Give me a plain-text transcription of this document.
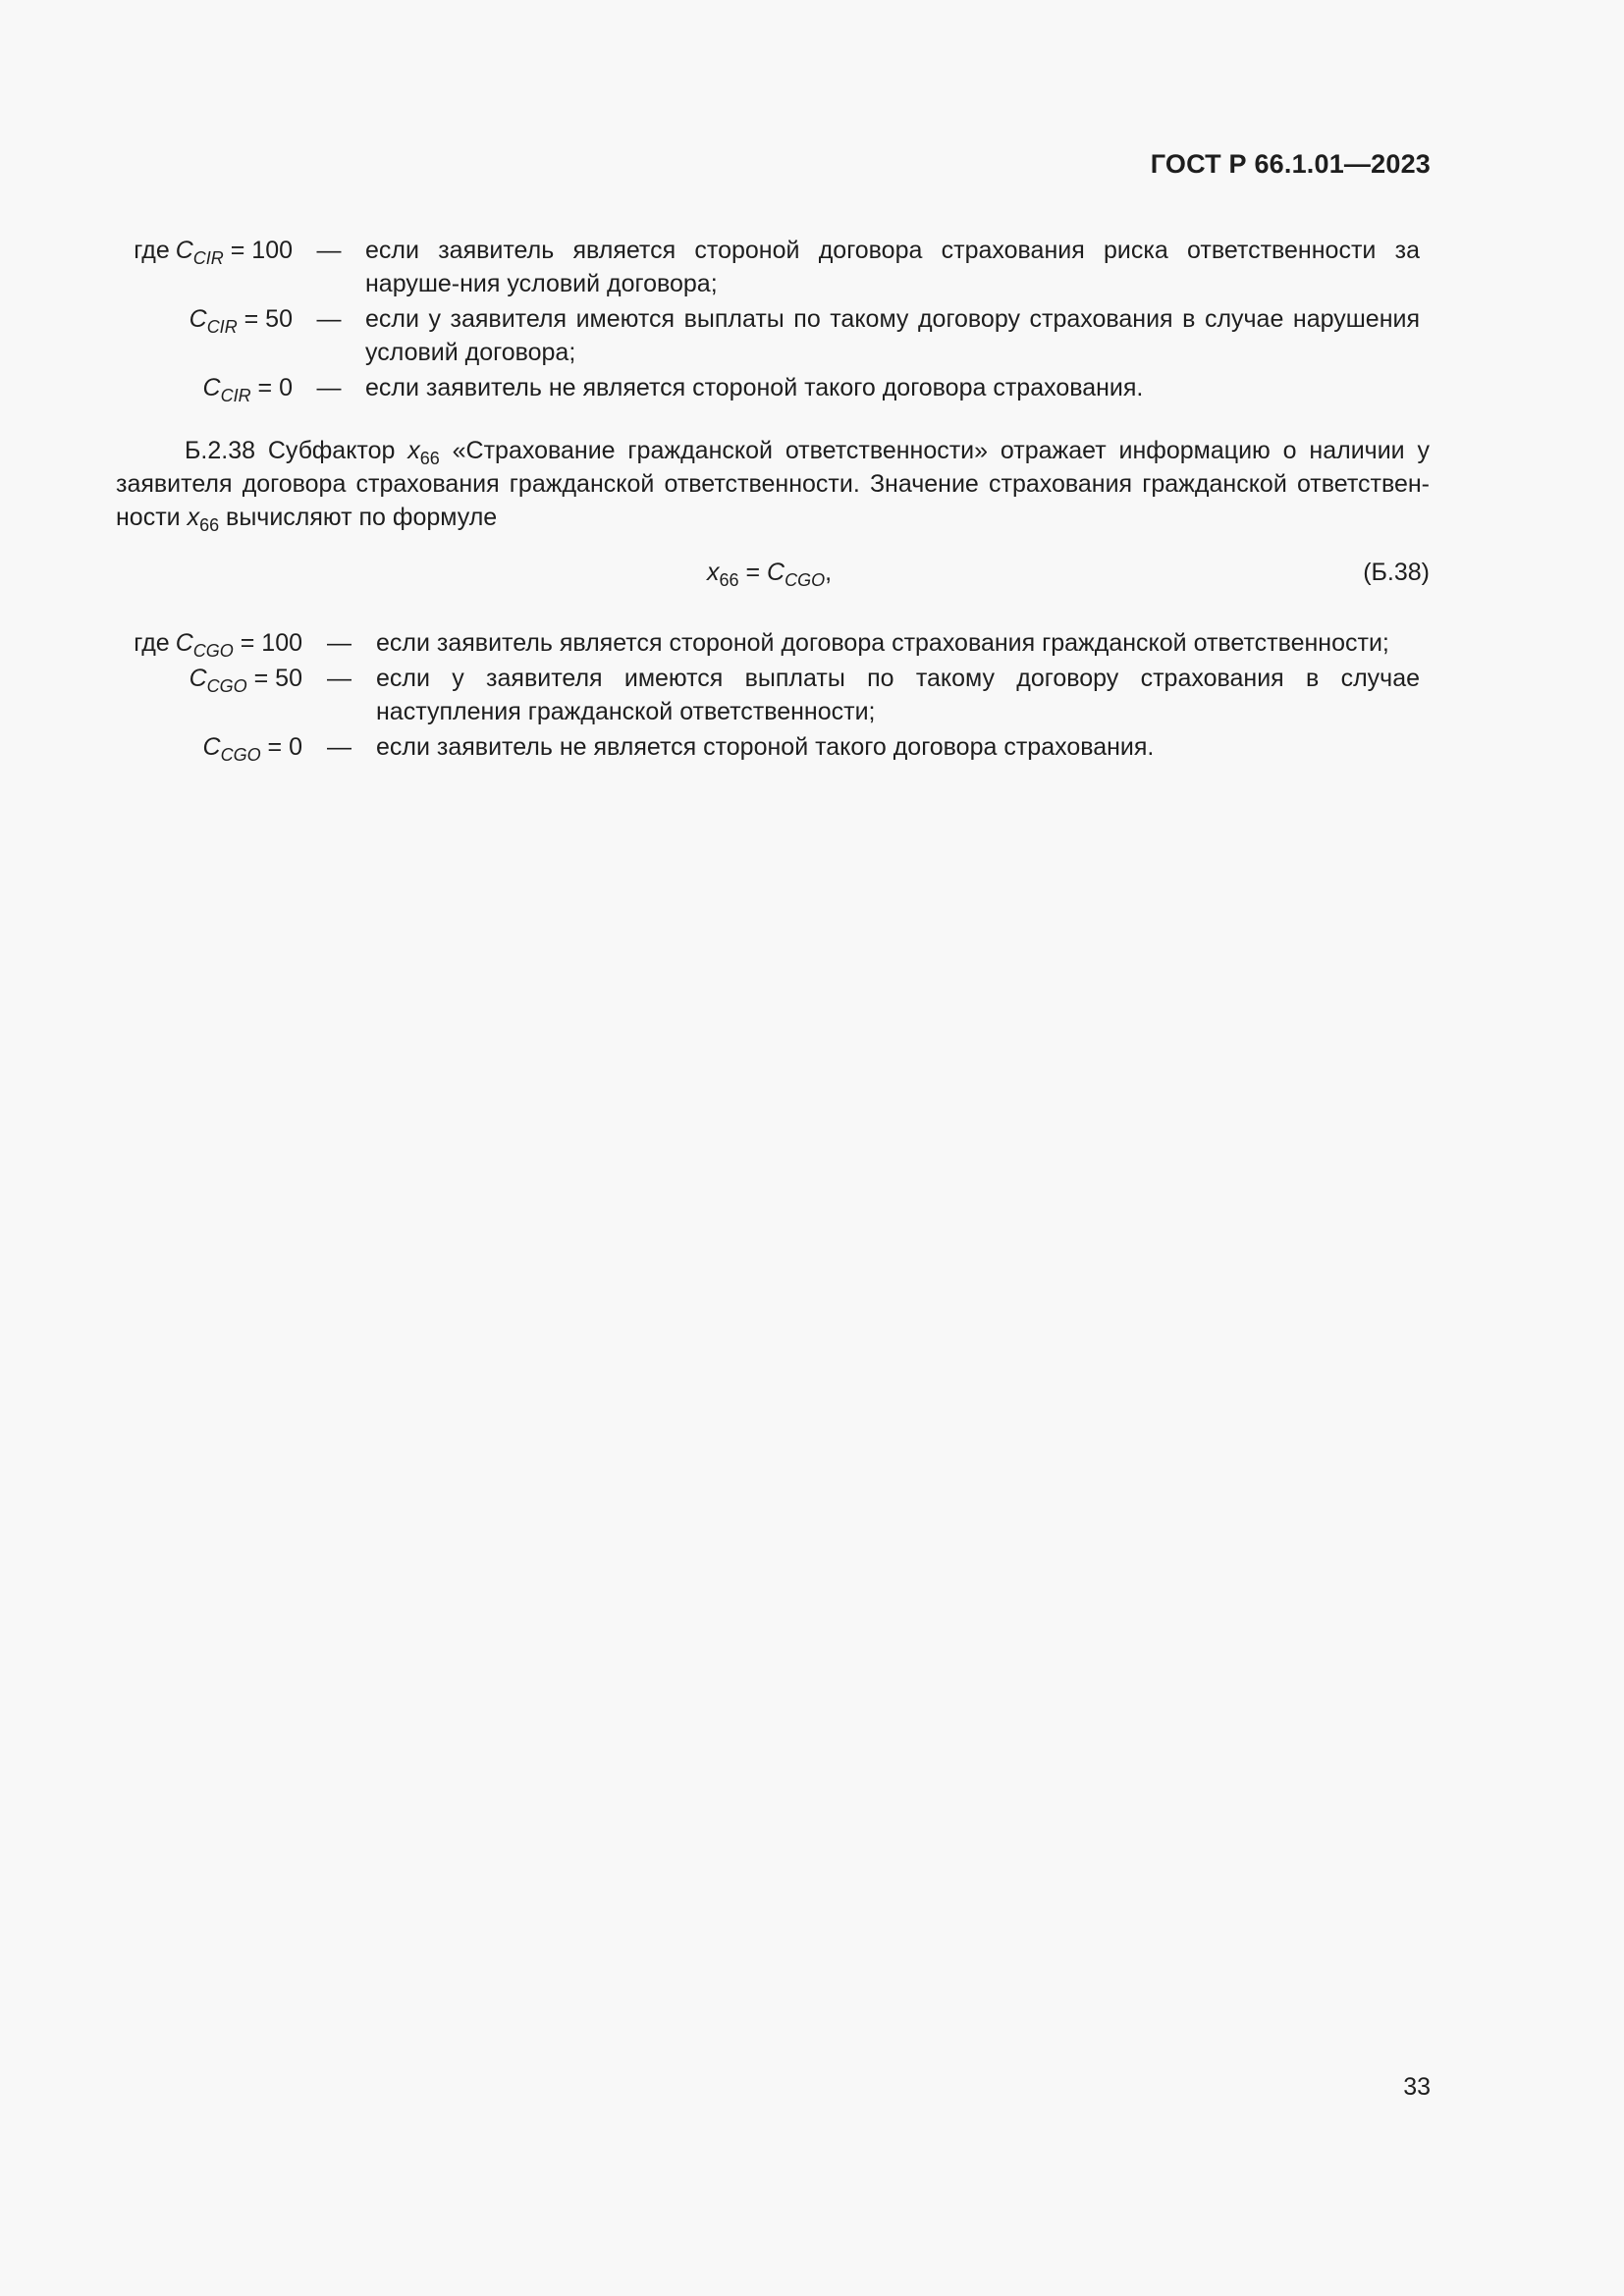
ГОСТ Р 66.1.01—2023
где $C_{CIR} = 100$ — если заявитель является стороной договора страхования риска ответственности за наруше-ния условий договора;
$C_{CIR} = 50$ — если у заявителя имеются выплаты по такому договору страхования в случае нарушения условий договора;
$C_{CIR} = 0$ — если заявитель не является стороной такого договора страхования.
Б.2.38 Субфактор $x_{66}$ «Страхование гражданской ответственности» отражает информацию о наличии у заявителя договора страхования гражданской ответственности. Значение страхования гражданской ответствен-ности $x_{66}$ вычисляют по формуле
$x_{66} = C_{CGO}$,	(Б.38)
где $C_{CGO} = 100$	—	если заявитель является стороной договора страхования гражданской ответственности;
$C_{CGO} = 50$	—	если у заявителя имеются выплаты по такому договору страхования в случае наступления гражданской ответственности;
$C_{CGO} = 0$	—	если заявитель не является стороной такого договора страхования.
33
